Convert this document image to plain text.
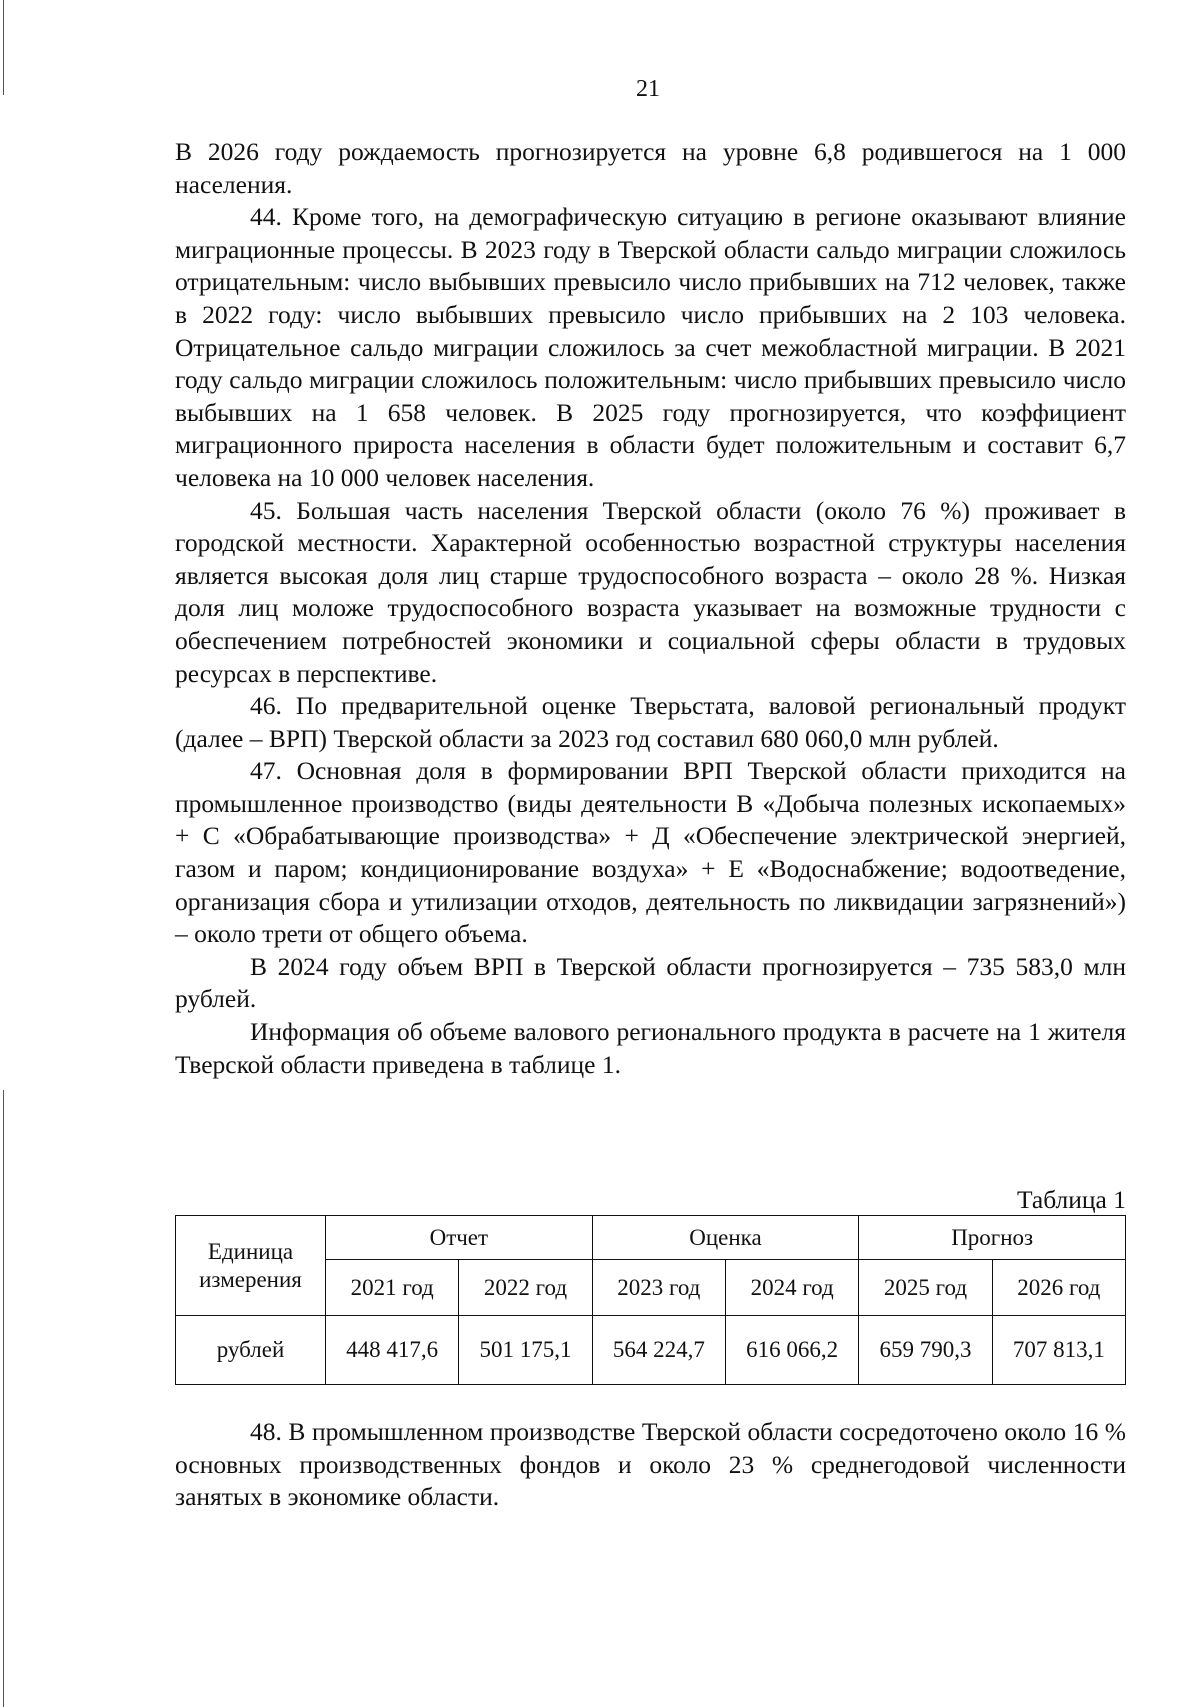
21

В 2026 году рождаемость прогнозируется на уровне 6,8 родившегося на 1 000 населения.

44. Кроме того, на демографическую ситуацию в регионе оказывают влияние миграционные процессы. В 2023 году в Тверской области сальдо миграции сложилось отрицательным: число выбывших превысило число прибывших на 712 человек, также в 2022 году: число выбывших превысило число прибывших на 2 103 человека. Отрицательное сальдо миграции сложилось за счет межобластной миграции. В 2021 году сальдо миграции сложилось положительным: число прибывших превысило число выбывших на 1 658 человек. В 2025 году прогнозируется, что коэффициент миграционного прироста населения в области будет положительным и составит 6,7 человека на 10 000 человек населения.

45. Большая часть населения Тверской области (около 76 %) проживает в городской местности. Характерной особенностью возрастной структуры населения является высокая доля лиц старше трудоспособного возраста – около 28 %. Низкая доля лиц моложе трудоспособного возраста указывает на возможные трудности с обеспечением потребностей экономики и социальной сферы области в трудовых ресурсах в перспективе.

46. По предварительной оценке Тверьстата, валовой региональный продукт (далее – ВРП) Тверской области за 2023 год составил 680 060,0 млн рублей.

47. Основная доля в формировании ВРП Тверской области приходится на промышленное производство (виды деятельности B «Добыча полезных ископаемых» + C «Обрабатывающие производства» + Д «Обеспечение электрической энергией, газом и паром; кондиционирование воздуха» + E «Водоснабжение; водоотведение, организация сбора и утилизации отходов, деятельность по ликвидации загрязнений») – около трети от общего объема.

В 2024 году объем ВРП в Тверской области прогнозируется – 735 583,0 млн рублей.

Информация об объеме валового регионального продукта в расчете на 1 жителя Тверской области приведена в таблице 1.

Таблица 1
Единица измерения	Отчет		Оценка		Прогноз	
	2021 год	2022 год	2023 год	2024 год	2025 год	2026 год
рублей	448 417,6	501 175,1	564 224,7	616 066,2	659 790,3	707 813,1

48. В промышленном производстве Тверской области сосредоточено около 16 % основных производственных фондов и около 23 % среднегодовой численности занятых в экономике области.
